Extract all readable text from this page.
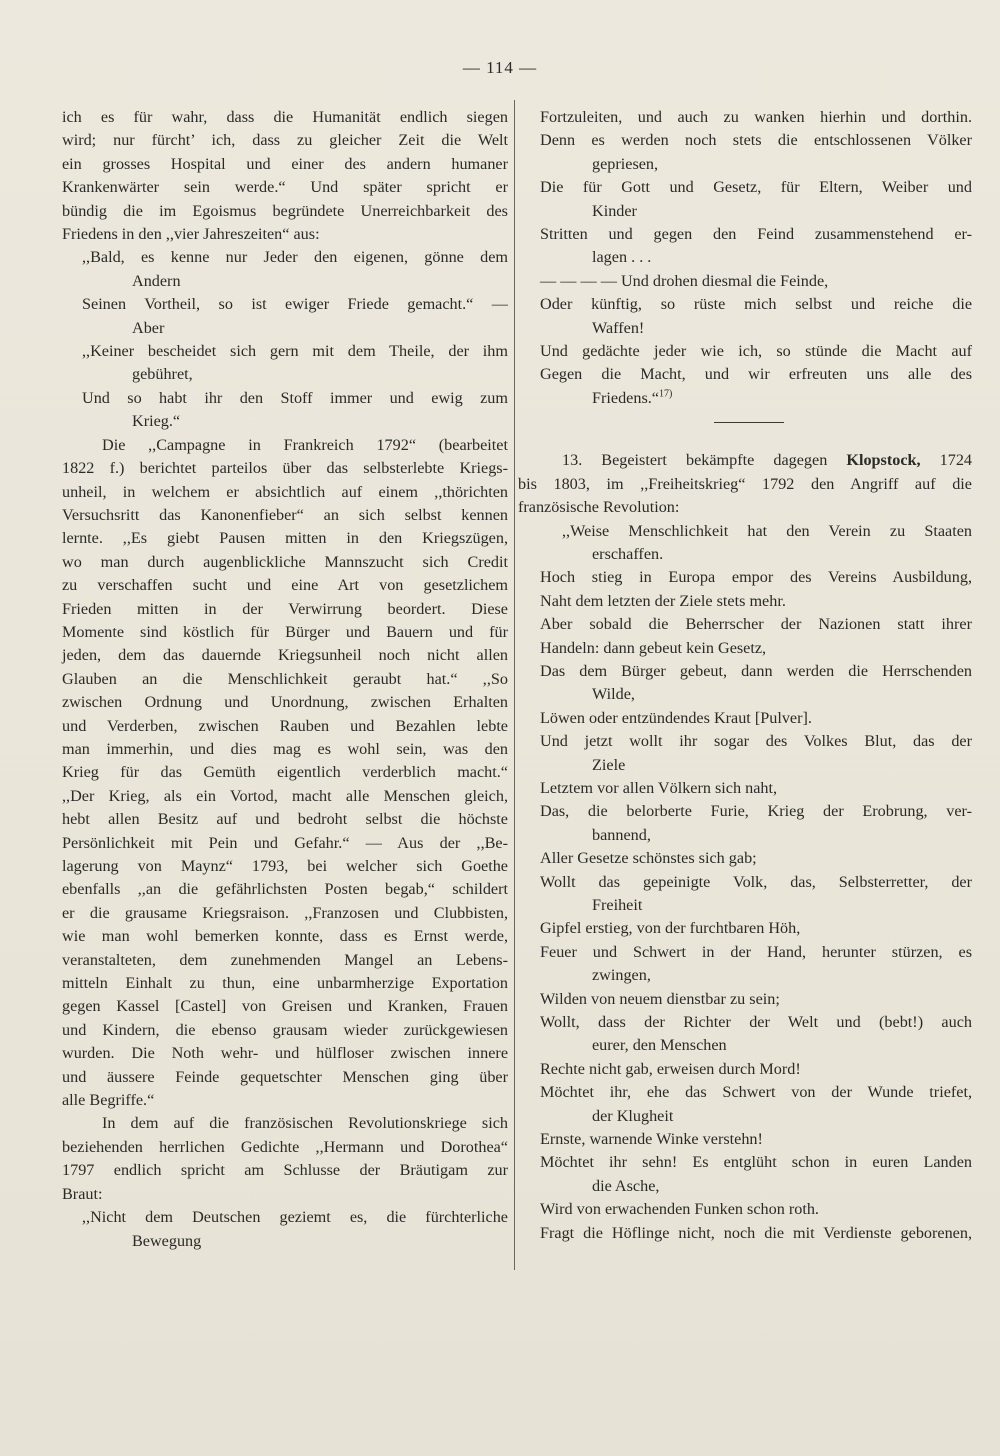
— 114 —
ich es für wahr, dass die Humanität endlich siegen
wird; nur fürcht’ ich, dass zu gleicher Zeit die Welt
ein grosses Hospital und einer des andern humaner
Krankenwärter sein werde.“ Und später spricht er
bündig die im Egoismus begründete Unerreichbarkeit des
Friedens in den ,,vier Jahreszeiten“ aus:
,,Bald, es kenne nur Jeder den eigenen, gönne dem
Andern
Seinen Vortheil, so ist ewiger Friede gemacht.“ —
Aber
,,Keiner bescheidet sich gern mit dem Theile, der ihm
gebühret,
Und so habt ihr den Stoff immer und ewig zum
Krieg.“
Die ,,Campagne in Frankreich 1792“ (bearbeitet
1822 f.) berichtet parteilos über das selbsterlebte Kriegs-
unheil, in welchem er absichtlich auf einem ,,thörichten
Versuchsritt das Kanonenfieber“ an sich selbst kennen
lernte. ,,Es giebt Pausen mitten in den Kriegszügen,
wo man durch augenblickliche Mannszucht sich Credit
zu verschaffen sucht und eine Art von gesetzlichem
Frieden mitten in der Verwirrung beordert. Diese
Momente sind köstlich für Bürger und Bauern und für
jeden, dem das dauernde Kriegsunheil noch nicht allen
Glauben an die Menschlichkeit geraubt hat.“ ,,So
zwischen Ordnung und Unordnung, zwischen Erhalten
und Verderben, zwischen Rauben und Bezahlen lebte
man immerhin, und dies mag es wohl sein, was den
Krieg für das Gemüth eigentlich verderblich macht.“
,,Der Krieg, als ein Vortod, macht alle Menschen gleich,
hebt allen Besitz auf und bedroht selbst die höchste
Persönlichkeit mit Pein und Gefahr.“ — Aus der ,,Be-
lagerung von Maynz“ 1793, bei welcher sich Goethe
ebenfalls ,,an die gefährlichsten Posten begab,“ schildert
er die grausame Kriegsraison. ,,Franzosen und Clubbisten,
wie man wohl bemerken konnte, dass es Ernst werde,
veranstalteten, dem zunehmenden Mangel an Lebens-
mitteln Einhalt zu thun, eine unbarmherzige Exportation
gegen Kassel [Castel] von Greisen und Kranken, Frauen
und Kindern, die ebenso grausam wieder zurückgewiesen
wurden. Die Noth wehr- und hülfloser zwischen innere
und äussere Feinde gequetschter Menschen ging über
alle Begriffe.“
In dem auf die französischen Revolutionskriege sich
beziehenden herrlichen Gedichte ,,Hermann und Dorothea“
1797 endlich spricht am Schlusse der Bräutigam zur
Braut:
,,Nicht dem Deutschen geziemt es, die fürchterliche
Bewegung
Fortzuleiten, und auch zu wanken hierhin und dorthin.
Denn es werden noch stets die entschlossenen Völker
gepriesen,
Die für Gott und Gesetz, für Eltern, Weiber und
Kinder
Stritten und gegen den Feind zusammenstehend er-
lagen . . .
— — — — Und drohen diesmal die Feinde,
Oder künftig, so rüste mich selbst und reiche die
Waffen!
Und gedächte jeder wie ich, so stünde die Macht auf
Gegen die Macht, und wir erfreuten uns alle des
Friedens.“$^{17)}$
13. Begeistert bekämpfte dagegen Klopstock, 1724
bis 1803, im ,,Freiheitskrieg“ 1792 den Angriff auf die
französische Revolution:
,,Weise Menschlichkeit hat den Verein zu Staaten
erschaffen.
Hoch stieg in Europa empor des Vereins Ausbildung,
Naht dem letzten der Ziele stets mehr.
Aber sobald die Beherrscher der Nazionen statt ihrer
Handeln: dann gebeut kein Gesetz,
Das dem Bürger gebeut, dann werden die Herrschenden
Wilde,
Löwen oder entzündendes Kraut [Pulver].
Und jetzt wollt ihr sogar des Volkes Blut, das der
Ziele
Letztem vor allen Völkern sich naht,
Das, die belorberte Furie, Krieg der Erobrung, ver-
bannend,
Aller Gesetze schönstes sich gab;
Wollt das gepeinigte Volk, das, Selbsterretter, der
Freiheit
Gipfel erstieg, von der furchtbaren Höh,
Feuer und Schwert in der Hand, herunter stürzen, es
zwingen,
Wilden von neuem dienstbar zu sein;
Wollt, dass der Richter der Welt und (bebt!) auch
eurer, den Menschen
Rechte nicht gab, erweisen durch Mord!
Möchtet ihr, ehe das Schwert von der Wunde triefet,
der Klugheit
Ernste, warnende Winke verstehn!
Möchtet ihr sehn! Es entglüht schon in euren Landen
die Asche,
Wird von erwachenden Funken schon roth.
Fragt die Höflinge nicht, noch die mit Verdienste geborenen,
